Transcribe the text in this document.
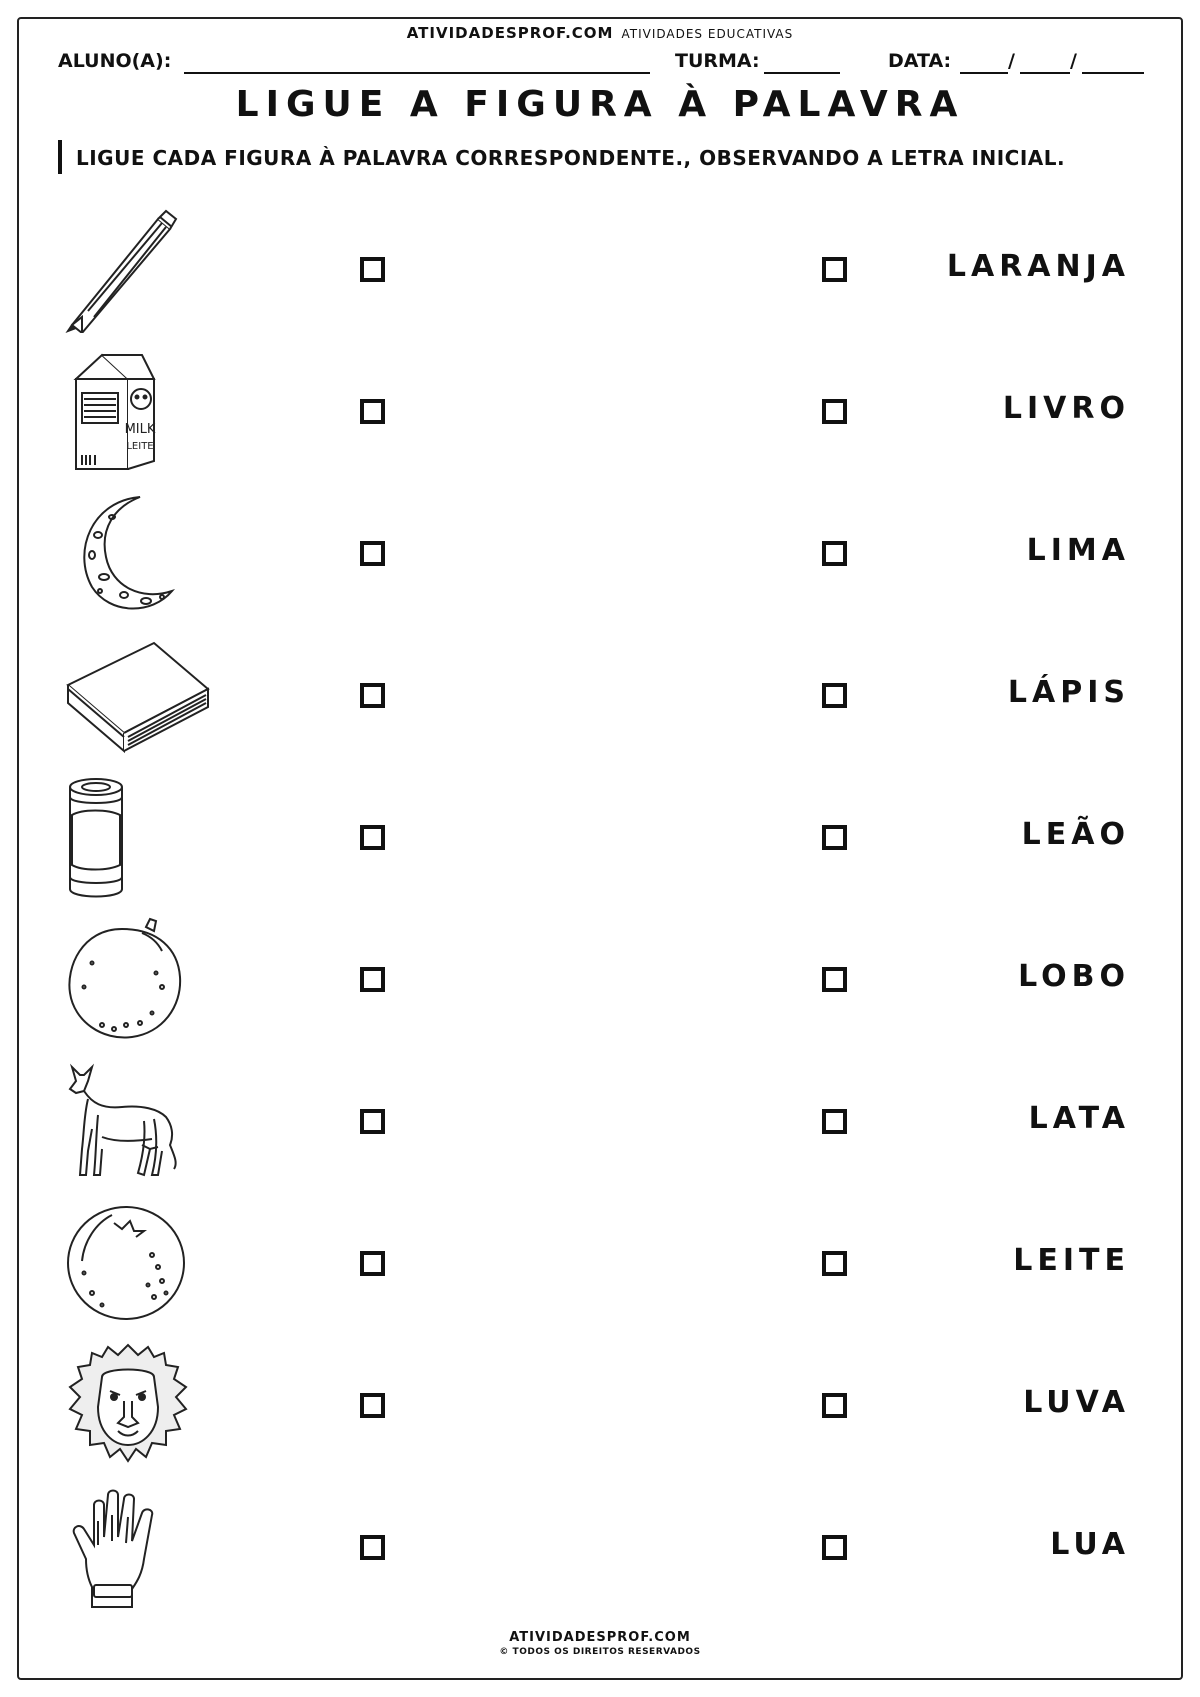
ATIVIDADESPROF.COM ATIVIDADES EDUCATIVAS
ALUNO(A):	TURMA:	DATA:	/	/
LIGUE A FIGURA À PALAVRA
LIGUE CADA FIGURA À PALAVRA CORRESPONDENTE., OBSERVANDO A LETRA INICIAL.
LARANJA
MILK
LEITE
LIVRO
LIMA
LÁPIS
LEÃO
LOBO
LATA
LEITE
LUVA
LUA
ATIVIDADESPROF.COM
© TODOS OS DIREITOS RESERVADOS
